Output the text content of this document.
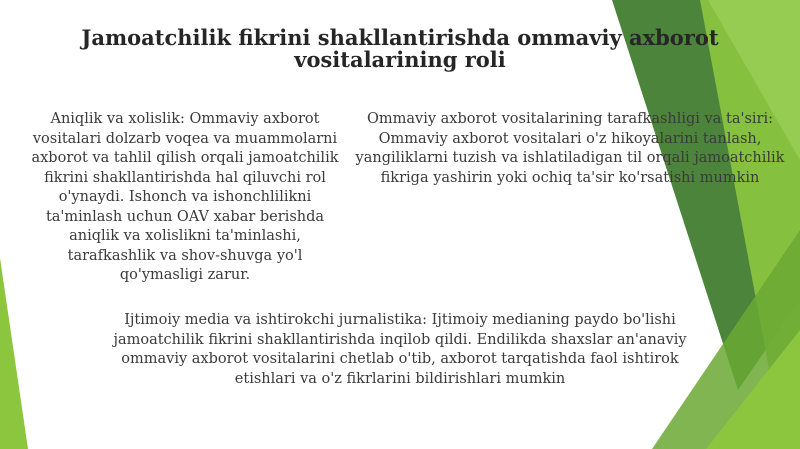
Jamoatchilik fikrini shakllantirishda ommaviy axborot vositalarining roli

Aniqlik va xolislik: Ommaviy axborot vositalari dolzarb voqea va muammolarni axborot va tahlil qilish orqali jamoatchilik fikrini shakllantirishda hal qiluvchi rol o'ynaydi. Ishonch va ishonchlilikni ta'minlash uchun OAV xabar berishda aniqlik va xolislikni ta'minlashi, tarafkashlik va shov-shuvga yo'l qo'ymasligi zarur.

Ommaviy axborot vositalarining tarafkashligi va ta'siri: Ommaviy axborot vositalari o'z hikoyalarini tanlash, yangiliklarni tuzish va ishlatiladigan til orqali jamoatchilik fikriga yashirin yoki ochiq ta'sir ko'rsatishi mumkin

Ijtimoiy media va ishtirokchi jurnalistika: Ijtimoiy medianing paydo bo'lishi jamoatchilik fikrini shakllantirishda inqilob qildi. Endilikda shaxslar an'anaviy ommaviy axborot vositalarini chetlab o'tib, axborot tarqatishda faol ishtirok etishlari va o'z fikrlarini bildirishlari mumkin
